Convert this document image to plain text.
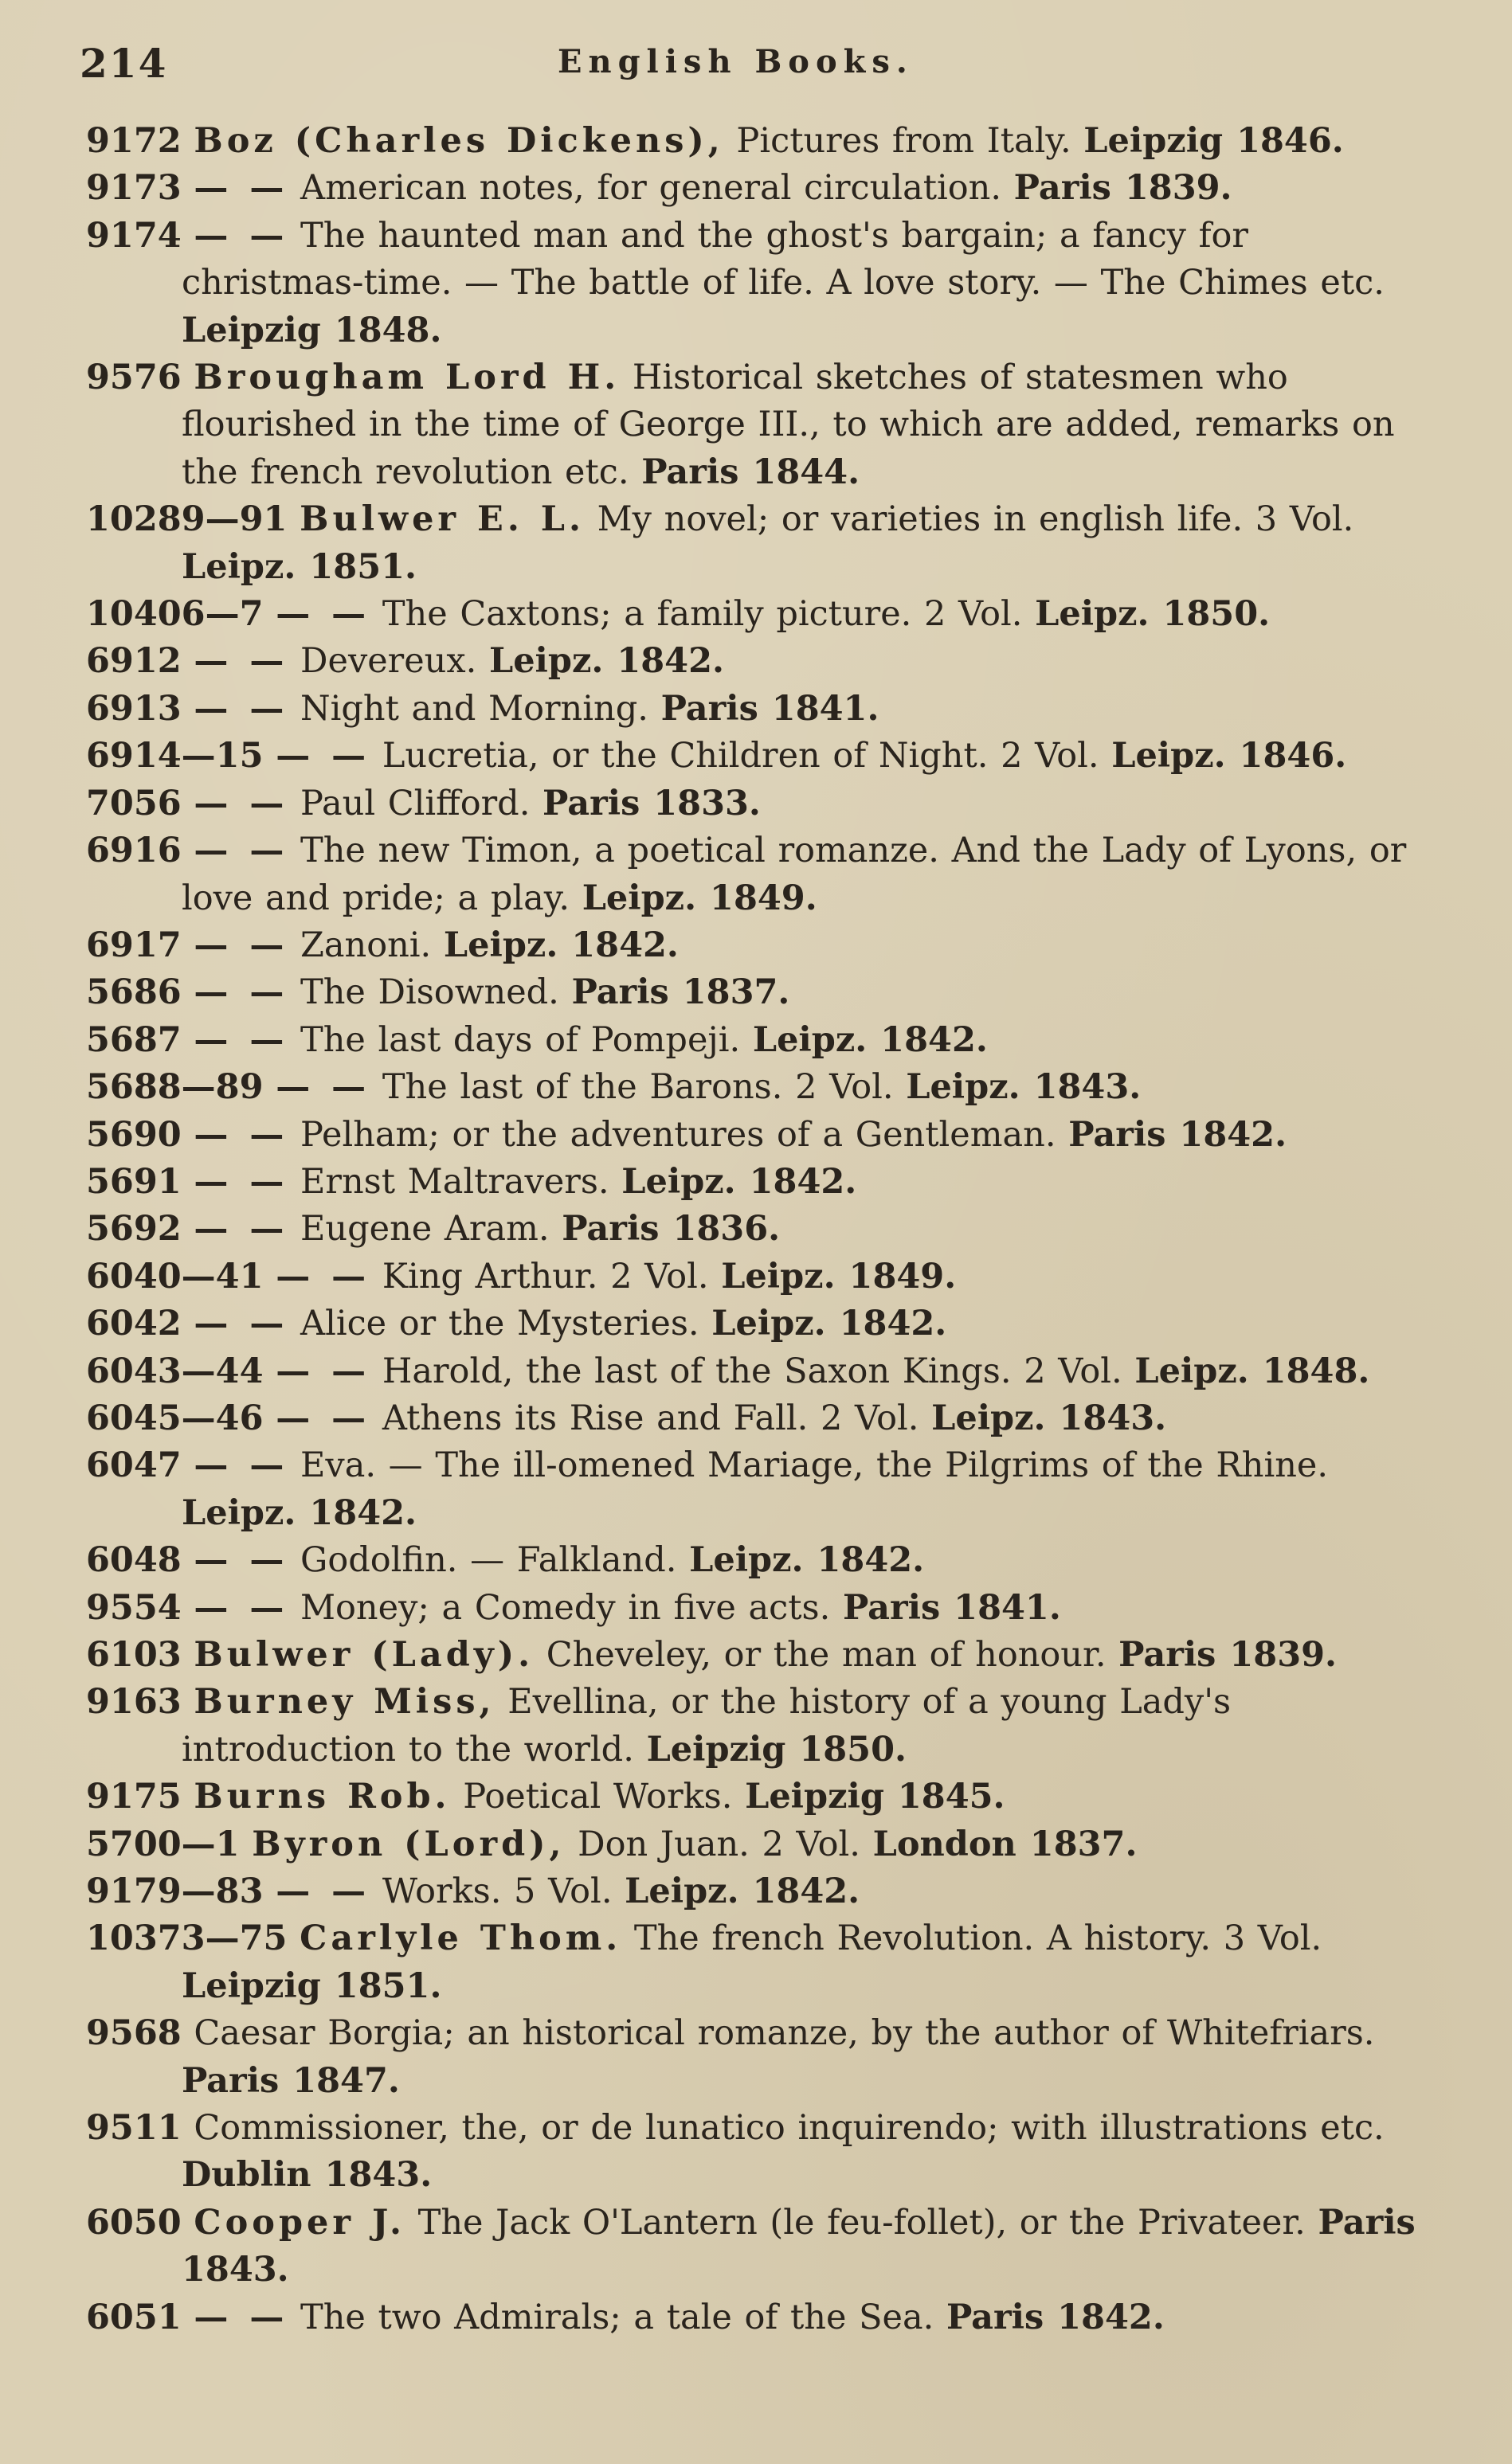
214	English Books.
9172 Boz (Charles Dickens), Pictures from Italy. Leipzig 1846.
9173 — — American notes, for general circulation. Paris 1839.
9174 — — The haunted man and the ghost's bargain; a fancy for christmas-time. — The battle of life. A love story. — The Chimes etc. Leipzig 1848.
9576 Brougham Lord H. Historical sketches of statesmen who flourished in the time of George III., to which are added, remarks on the french revolution etc. Paris 1844.
10289—91 Bulwer E. L. My novel; or varieties in english life. 3 Vol. Leipz. 1851.
10406—7 — — The Caxtons; a family picture. 2 Vol. Leipz. 1850.
6912 — — Devereux. Leipz. 1842.
6913 — — Night and Morning. Paris 1841.
6914—15 — — Lucretia, or the Children of Night. 2 Vol. Leipz. 1846.
7056 — — Paul Clifford. Paris 1833.
6916 — — The new Timon, a poetical romanze. And the Lady of Lyons, or love and pride; a play. Leipz. 1849.
6917 — — Zanoni. Leipz. 1842.
5686 — — The Disowned. Paris 1837.
5687 — — The last days of Pompeji. Leipz. 1842.
5688—89 — — The last of the Barons. 2 Vol. Leipz. 1843.
5690 — — Pelham; or the adventures of a Gentleman. Paris 1842.
5691 — — Ernst Maltravers. Leipz. 1842.
5692 — — Eugene Aram. Paris 1836.
6040—41 — — King Arthur. 2 Vol. Leipz. 1849.
6042 — — Alice or the Mysteries. Leipz. 1842.
6043—44 — — Harold, the last of the Saxon Kings. 2 Vol. Leipz. 1848.
6045—46 — — Athens its Rise and Fall. 2 Vol. Leipz. 1843.
6047 — — Eva. — The ill-omened Mariage, the Pilgrims of the Rhine. Leipz. 1842.
6048 — — Godolfin. — Falkland. Leipz. 1842.
9554 — — Money; a Comedy in five acts. Paris 1841.
6103 Bulwer (Lady). Cheveley, or the man of honour. Paris 1839.
9163 Burney Miss, Evellina, or the history of a young Lady's introduction to the world. Leipzig 1850.
9175 Burns Rob. Poetical Works. Leipzig 1845.
5700—1 Byron (Lord), Don Juan. 2 Vol. London 1837.
9179—83 — — Works. 5 Vol. Leipz. 1842.
10373—75 Carlyle Thom. The french Revolution. A history. 3 Vol. Leipzig 1851.
9568 Caesar Borgia; an historical romanze, by the author of Whitefriars. Paris 1847.
9511 Commissioner, the, or de lunatico inquirendo; with illustrations etc. Dublin 1843.
6050 Cooper J. The Jack O'Lantern (le feu-follet), or the Privateer. Paris 1843.
6051 — — The two Admirals; a tale of the Sea. Paris 1842.
